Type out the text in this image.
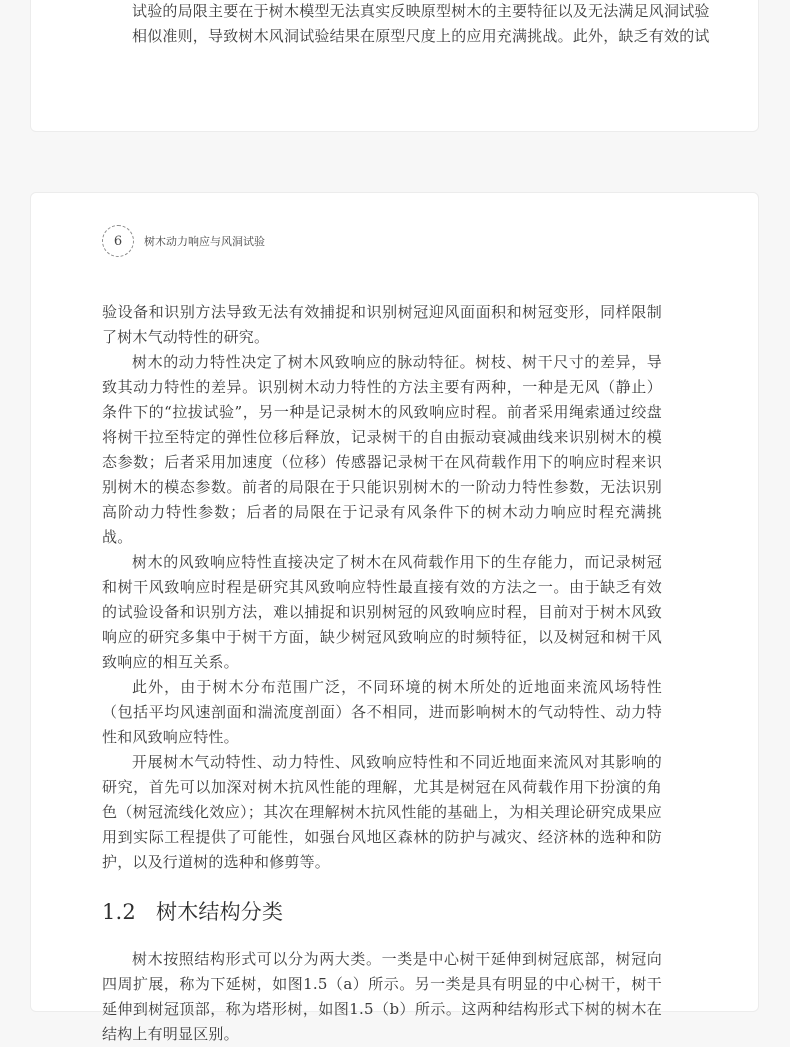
试验的局限主要在于树木模型无法真实反映原型树木的主要特征以及无法满足风洞试验
相似准则，导致树木风洞试验结果在原型尺度上的应用充满挑战。此外，缺乏有效的试
6	树木动力响应与风洞试验

验设备和识别方法导致无法有效捕捉和识别树冠迎风面面积和树冠变形，同样限制了树木气动特性的研究。

树木的动力特性决定了树木风致响应的脉动特征。树枝、树干尺寸的差异，导致其动力特性的差异。识别树木动力特性的方法主要有两种，一种是无风（静止）条件下的“拉拔试验”，另一种是记录树木的风致响应时程。前者采用绳索通过绞盘将树干拉至特定的弹性位移后释放，记录树干的自由振动衰减曲线来识别树木的模态参数；后者采用加速度（位移）传感器记录树干在风荷载作用下的响应时程来识别树木的模态参数。前者的局限在于只能识别树木的一阶动力特性参数，无法识别高阶动力特性参数；后者的局限在于记录有风条件下的树木动力响应时程充满挑战。

树木的风致响应特性直接决定了树木在风荷载作用下的生存能力，而记录树冠和树干风致响应时程是研究其风致响应特性最直接有效的方法之一。由于缺乏有效的试验设备和识别方法，难以捕捉和识别树冠的风致响应时程，目前对于树木风致响应的研究多集中于树干方面，缺少树冠风致响应的时频特征，以及树冠和树干风致响应的相互关系。

此外，由于树木分布范围广泛，不同环境的树木所处的近地面来流风场特性（包括平均风速剖面和湍流度剖面）各不相同，进而影响树木的气动特性、动力特性和风致响应特性。

开展树木气动特性、动力特性、风致响应特性和不同近地面来流风对其影响的研究，首先可以加深对树木抗风性能的理解，尤其是树冠在风荷载作用下扮演的角色（树冠流线化效应）；其次在理解树木抗风性能的基础上，为相关理论研究成果应用到实际工程提供了可能性，如强台风地区森林的防护与减灾、经济林的选种和防护，以及行道树的选种和修剪等。

1.2 树木结构分类

树木按照结构形式可以分为两大类。一类是中心树干延伸到树冠底部，树冠向四周扩展，称为下延树，如图1.5（a）所示。另一类是具有明显的中心树干，树干延伸到树冠顶部，称为塔形树，如图1.5（b）所示。这两种结构形式下树的树木在结构上有明显区别。
